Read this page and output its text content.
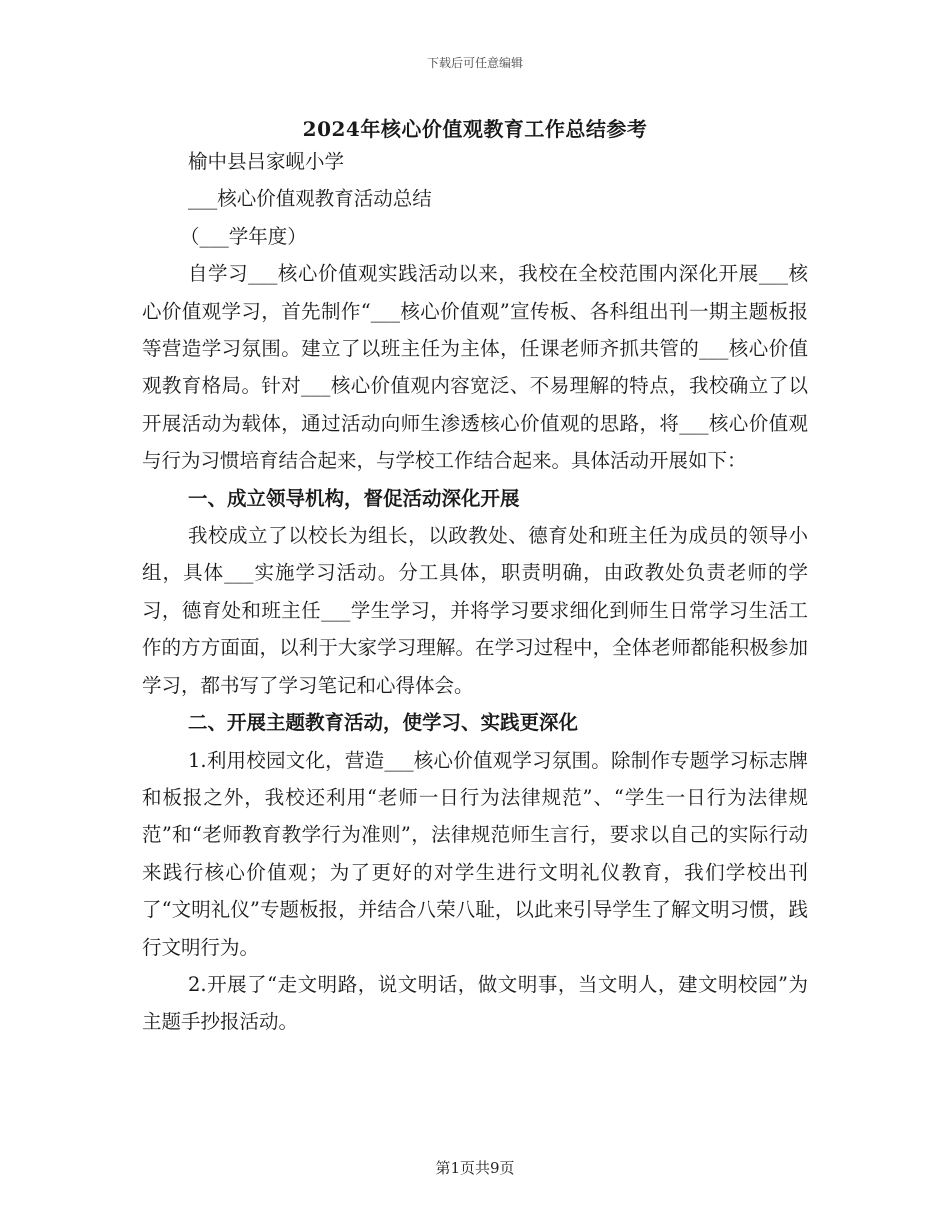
下载后可任意编辑
2024年核心价值观教育工作总结参考
榆中县吕家岘小学
___核心价值观教育活动总结
（___学年度）

自学习___核心价值观实践活动以来，我校在全校范围内深化开展___核心价值观学习，首先制作“___核心价值观”宣传板、各科组出刊一期主题板报等营造学习氛围。建立了以班主任为主体，任课老师齐抓共管的___核心价值观教育格局。针对___核心价值观内容宽泛、不易理解的特点，我校确立了以开展活动为载体，通过活动向师生渗透核心价值观的思路，将___核心价值观与行为习惯培育结合起来，与学校工作结合起来。具体活动开展如下：

一、成立领导机构，督促活动深化开展

我校成立了以校长为组长，以政教处、德育处和班主任为成员的领导小组，具体___实施学习活动。分工具体，职责明确，由政教处负责老师的学习，德育处和班主任___学生学习，并将学习要求细化到师生日常学习生活工作的方方面面，以利于大家学习理解。在学习过程中，全体老师都能积极参加学习，都书写了学习笔记和心得体会。

二、开展主题教育活动，使学习、实践更深化

1.利用校园文化，营造___核心价值观学习氛围。除制作专题学习标志牌和板报之外，我校还利用“老师一日行为法律规范”、“学生一日行为法律规范”和“老师教育教学行为准则”，法律规范师生言行，要求以自己的实际行动来践行核心价值观；为了更好的对学生进行文明礼仪教育，我们学校出刊了“文明礼仪”专题板报，并结合八荣八耻，以此来引导学生了解文明习惯，践行文明行为。

2.开展了“走文明路，说文明话，做文明事，当文明人，建文明校园”为主题手抄报活动。

第1页共9页
